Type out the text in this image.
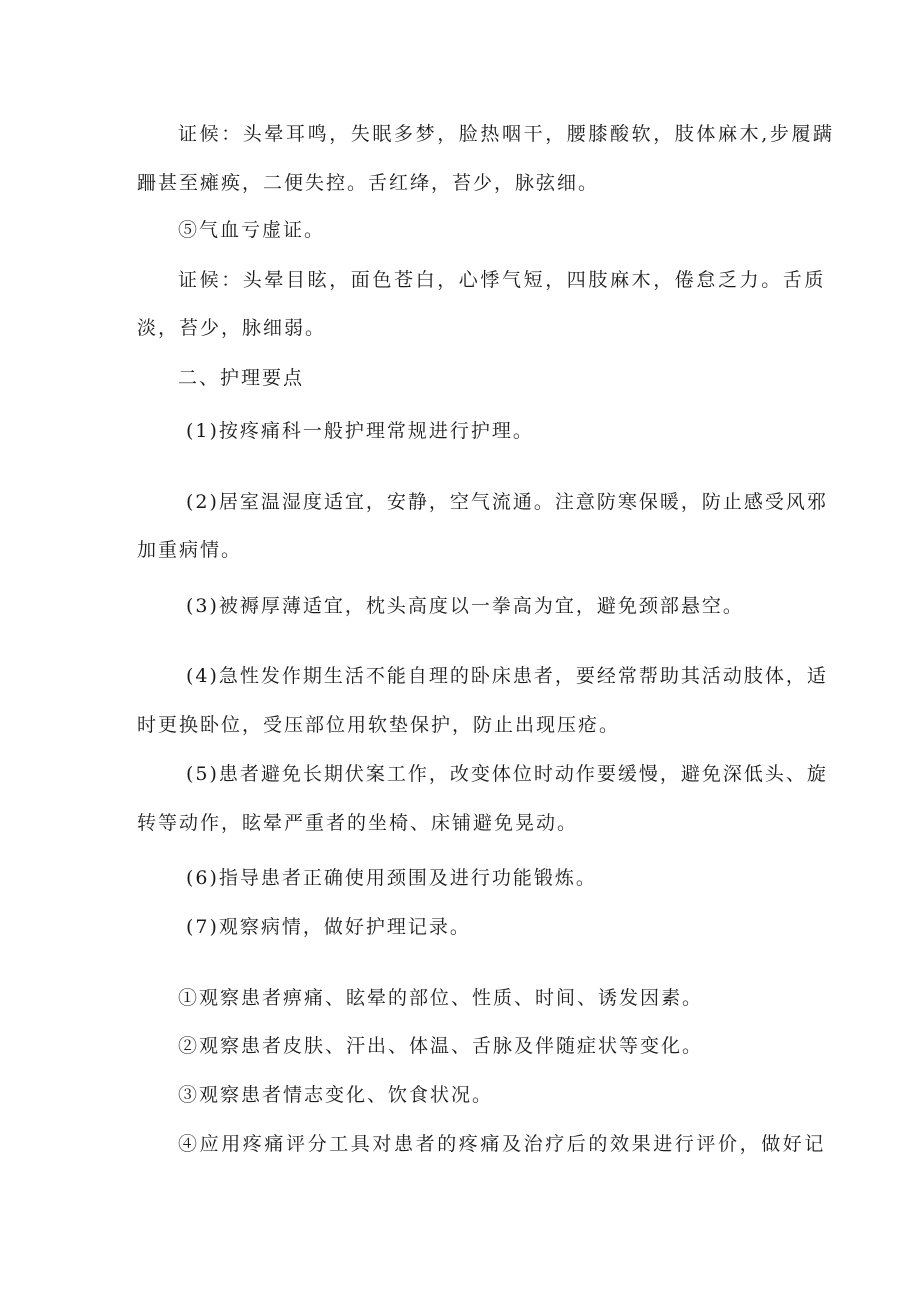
证候：头晕耳鸣，失眠多梦，脸热咽干，腰膝酸软，肢体麻木,步履蹒

跚甚至瘫痪，二便失控。舌红绛，苔少，脉弦细。

⑤气血亏虚证。

证候：头晕目眩，面色苍白，心悸气短，四肢麻木，倦怠乏力。舌质

淡，苔少，脉细弱。

二、护理要点

(1)按疼痛科一般护理常规进行护理。

(2)居室温湿度适宜，安静，空气流通。注意防寒保暖，防止感受风邪

加重病情。

(3)被褥厚薄适宜，枕头高度以一拳高为宜，避免颈部悬空。

(4)急性发作期生活不能自理的卧床患者，要经常帮助其活动肢体，适

时更换卧位，受压部位用软垫保护，防止出现压疮。

(5)患者避免长期伏案工作，改变体位时动作要缓慢，避免深低头、旋

转等动作，眩晕严重者的坐椅、床铺避免晃动。

(6)指导患者正确使用颈围及进行功能锻炼。

(7)观察病情，做好护理记录。

①观察患者痹痛、眩晕的部位、性质、时间、诱发因素。

②观察患者皮肤、汗出、体温、舌脉及伴随症状等变化。

③观察患者情志变化、饮食状况。

④应用疼痛评分工具对患者的疼痛及治疗后的效果进行评价，做好记
